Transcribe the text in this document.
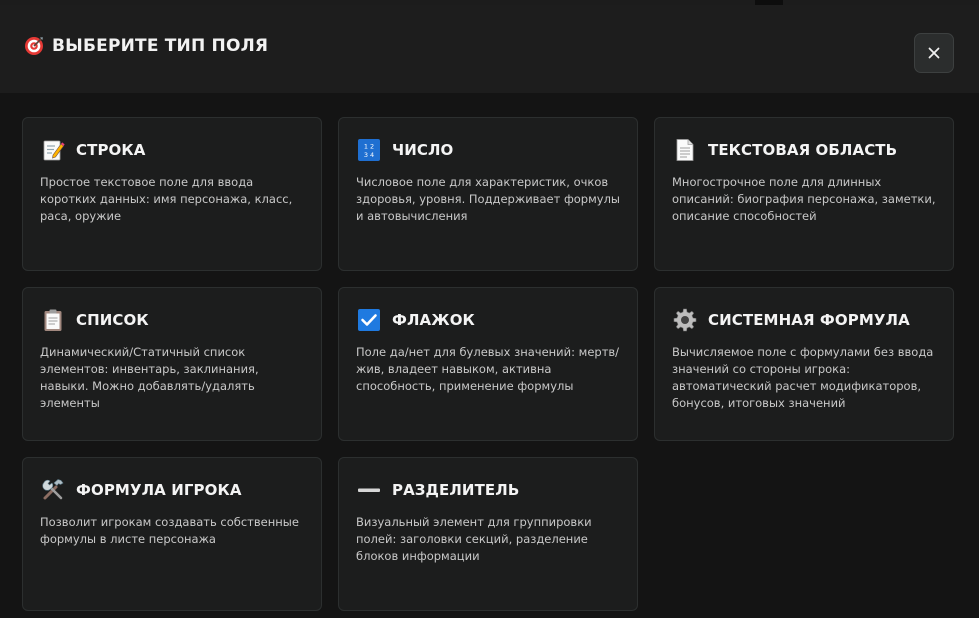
ВЫБЕРИТЕ ТИП ПОЛЯ
СТРОКА
Простое текстовое поле для ввода коротких данных: имя персонажа, класс, раса, оружие
1 2
3 4 ЧИСЛО
Числовое поле для характеристик, очков здоровья, уровня. Поддерживает формулы и автовычисления
ТЕКСТОВАЯ ОБЛАСТЬ
Многострочное поле для длинных описаний: биография персонажа, заметки, описание способностей
СПИСОК
Динамический/Статичный список элементов: инвентарь, заклинания, навыки. Можно добавлять/удалять элементы
ФЛАЖОК
Поле да/нет для булевых значений: мертв/жив, владеет навыком, активна способность, применение формулы
СИСТЕМНАЯ ФОРМУЛА
Вычисляемое поле с формулами без ввода значений со стороны игрока: автоматический расчет модификаторов, бонусов, итоговых значений
ФОРМУЛА ИГРОКА
Позволит игрокам создавать собственные формулы в листе персонажа
РАЗДЕЛИТЕЛЬ
Визуальный элемент для группировки полей: заголовки секций, разделение блоков информации
